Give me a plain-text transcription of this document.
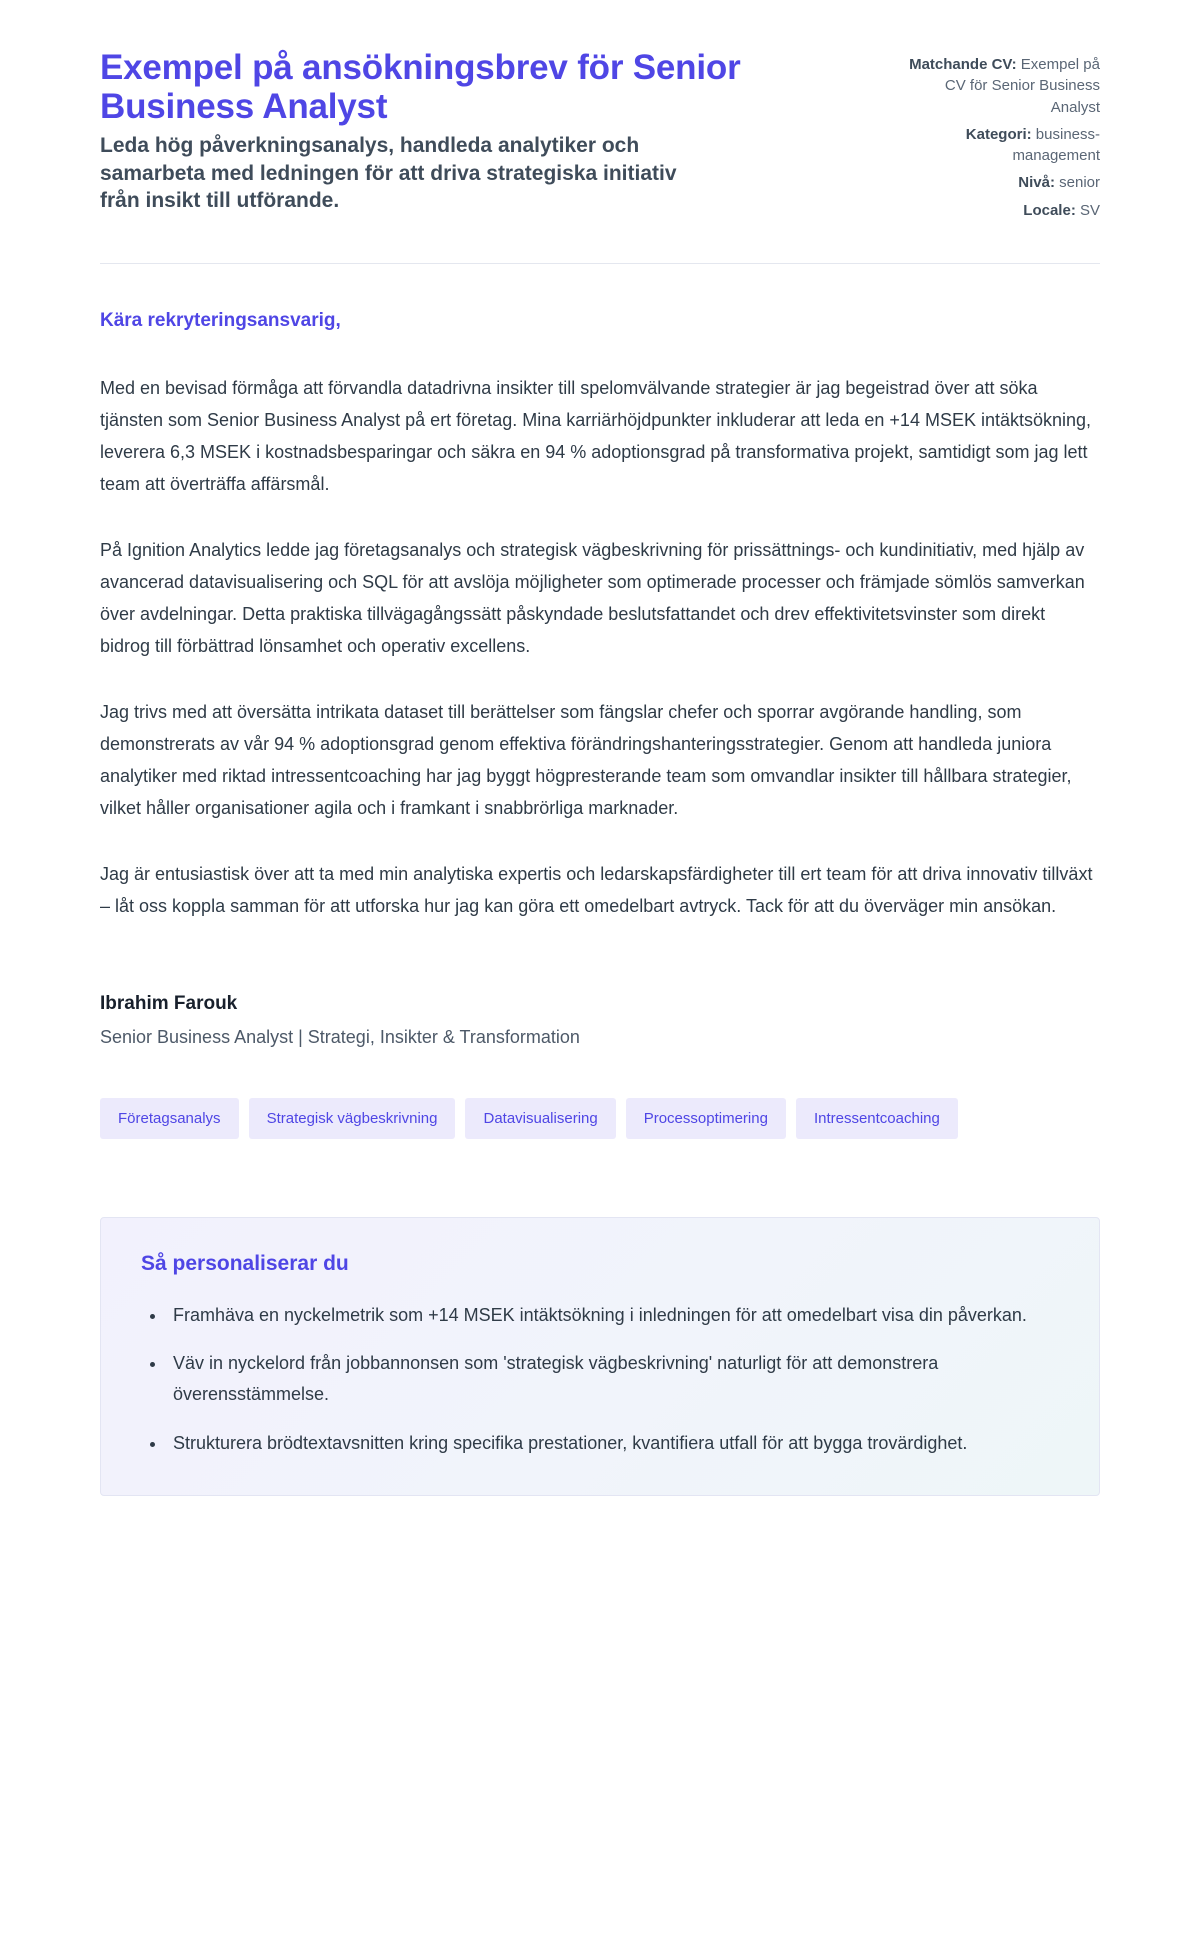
Exempel på ansökningsbrev för Senior Business Analyst

Leda hög påverkningsanalys, handleda analytiker och samarbeta med ledningen för att driva strategiska initiativ från insikt till utförande.

Matchande CV: Exempel på CV för Senior Business Analyst
Kategori: business-management
Nivå: senior
Locale: SV

Kära rekryteringsansvarig,

Med en bevisad förmåga att förvandla datadrivna insikter till spelomvälvande strategier är jag begeistrad över att söka tjänsten som Senior Business Analyst på ert företag. Mina karriärhöjdpunkter inkluderar att leda en +14 MSEK intäktsökning, leverera 6,3 MSEK i kostnadsbesparingar och säkra en 94 % adoptionsgrad på transformativa projekt, samtidigt som jag lett team att överträffa affärsmål.

På Ignition Analytics ledde jag företagsanalys och strategisk vägbeskrivning för prissättnings- och kundinitiativ, med hjälp av avancerad datavisualisering och SQL för att avslöja möjligheter som optimerade processer och främjade sömlös samverkan över avdelningar. Detta praktiska tillvägagångssätt påskyndade beslutsfattandet och drev effektivitetsvinster som direkt bidrog till förbättrad lönsamhet och operativ excellens.

Jag trivs med att översätta intrikata dataset till berättelser som fängslar chefer och sporrar avgörande handling, som demonstrerats av vår 94 % adoptionsgrad genom effektiva förändringshanteringsstrategier. Genom att handleda juniora analytiker med riktad intressentcoaching har jag byggt högpresterande team som omvandlar insikter till hållbara strategier, vilket håller organisationer agila och i framkant i snabbrörliga marknader.

Jag är entusiastisk över att ta med min analytiska expertis och ledarskapsfärdigheter till ert team för att driva innovativ tillväxt – låt oss koppla samman för att utforska hur jag kan göra ett omedelbart avtryck. Tack för att du överväger min ansökan.

Ibrahim Farouk

Senior Business Analyst | Strategi, Insikter & Transformation

Företagsanalys	Strategisk vägbeskrivning	Datavisualisering	Processoptimering	Intressentcoaching
Så personaliserar du
• Framhäva en nyckelmetrik som +14 MSEK intäktsökning i inledningen för att omedelbart visa din påverkan.
• Väv in nyckelord från jobbannonsen som 'strategisk vägbeskrivning' naturligt för att demonstrera överensstämmelse.
• Strukturera brödtextavsnitten kring specifika prestationer, kvantifiera utfall för att bygga trovärdighet.
